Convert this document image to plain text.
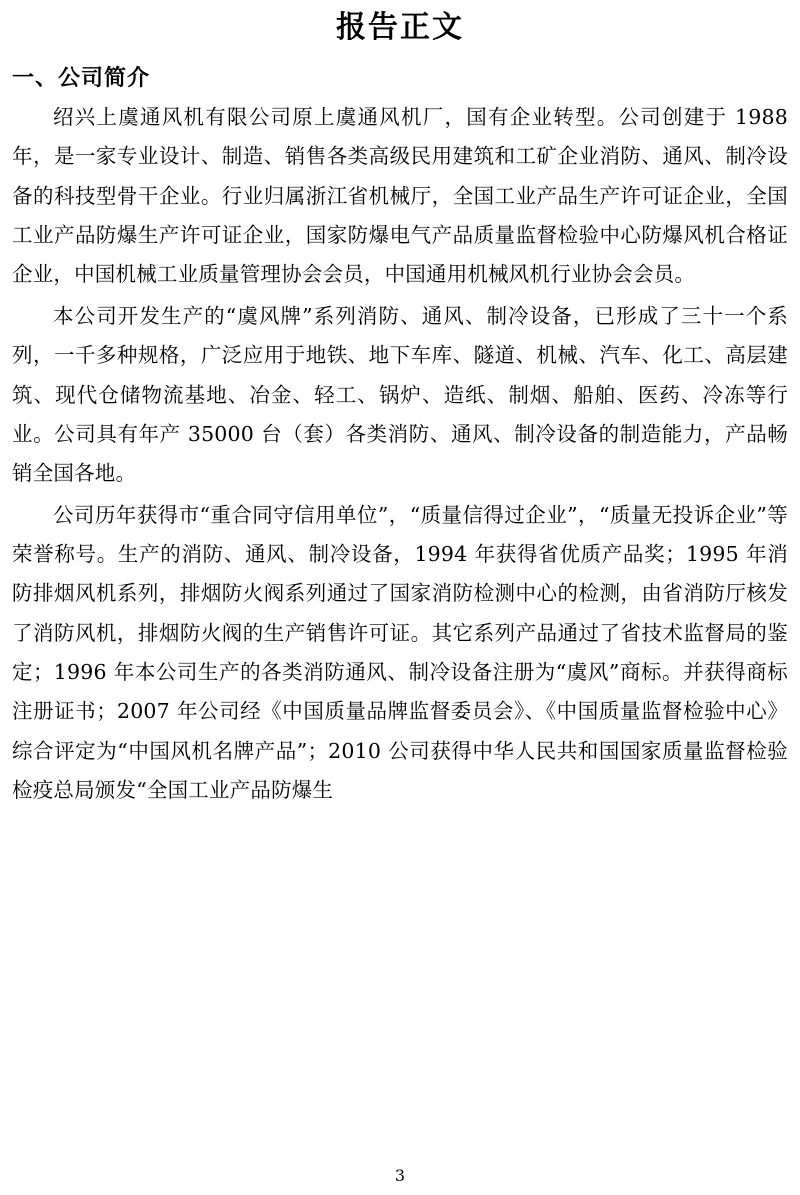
报告正文
一、公司简介

绍兴上虞通风机有限公司原上虞通风机厂，国有企业转型。公司创建于 1988 年，是一家专业设计、制造、销售各类高级民用建筑和工矿企业消防、通风、制冷设备的科技型骨干企业。行业归属浙江省机械厅，全国工业产品生产许可证企业，全国工业产品防爆生产许可证企业，国家防爆电气产品质量监督检验中心防爆风机合格证企业，中国机械工业质量管理协会会员，中国通用机械风机行业协会会员。

本公司开发生产的“虞风牌”系列消防、通风、制冷设备，已形成了三十一个系列，一千多种规格，广泛应用于地铁、地下车库、隧道、机械、汽车、化工、高层建筑、现代仓储物流基地、冶金、轻工、锅炉、造纸、制烟、船舶、医药、冷冻等行业。公司具有年产 35000 台（套）各类消防、通风、制冷设备的制造能力，产品畅销全国各地。

公司历年获得市“重合同守信用单位”，“质量信得过企业”，“质量无投诉企业”等荣誉称号。生产的消防、通风、制冷设备，1994 年获得省优质产品奖；1995 年消防排烟风机系列，排烟防火阀系列通过了国家消防检测中心的检测，由省消防厅核发了消防风机，排烟防火阀的生产销售许可证。其它系列产品通过了省技术监督局的鉴定；1996 年本公司生产的各类消防通风、制冷设备注册为“虞风”商标。并获得商标注册证书；2007 年公司经《中国质量品牌监督委员会》、《中国质量监督检验中心》综合评定为“中国风机名牌产品”；2010 公司获得中华人民共和国国家质量监督检验检疫总局颁发“全国工业产品防爆生

3
